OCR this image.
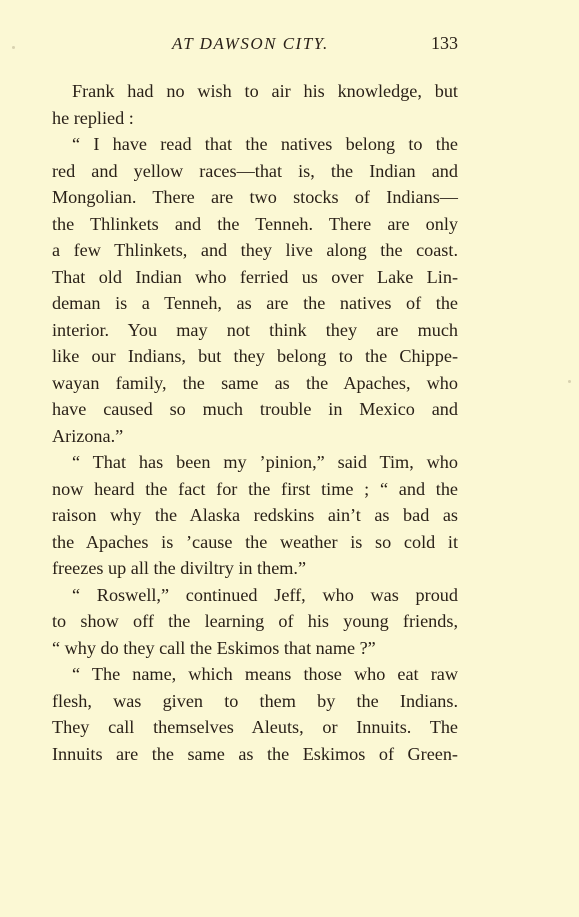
AT DAWSON CITY.	133
Frank had no wish to air his knowledge, but
he replied :
“ I have read that the natives belong to the
red and yellow races—that is, the Indian and
Mongolian. There are two stocks of Indians—
the Thlinkets and the Tenneh. There are only
a few Thlinkets, and they live along the coast.
That old Indian who ferried us over Lake Lin-
deman is a Tenneh, as are the natives of the
interior. You may not think they are much
like our Indians, but they belong to the Chippe-
wayan family, the same as the Apaches, who
have caused so much trouble in Mexico and
Arizona.”
“ That has been my ’pinion,” said Tim, who
now heard the fact for the first time ; “ and the
raison why the Alaska redskins ain’t as bad as
the Apaches is ’cause the weather is so cold it
freezes up all the diviltry in them.”
“ Roswell,” continued Jeff, who was proud
to show off the learning of his young friends,
“ why do they call the Eskimos that name ?”
“ The name, which means those who eat raw
flesh, was given to them by the Indians.
They call themselves Aleuts, or Innuits. The
Innuits are the same as the Eskimos of Green-
